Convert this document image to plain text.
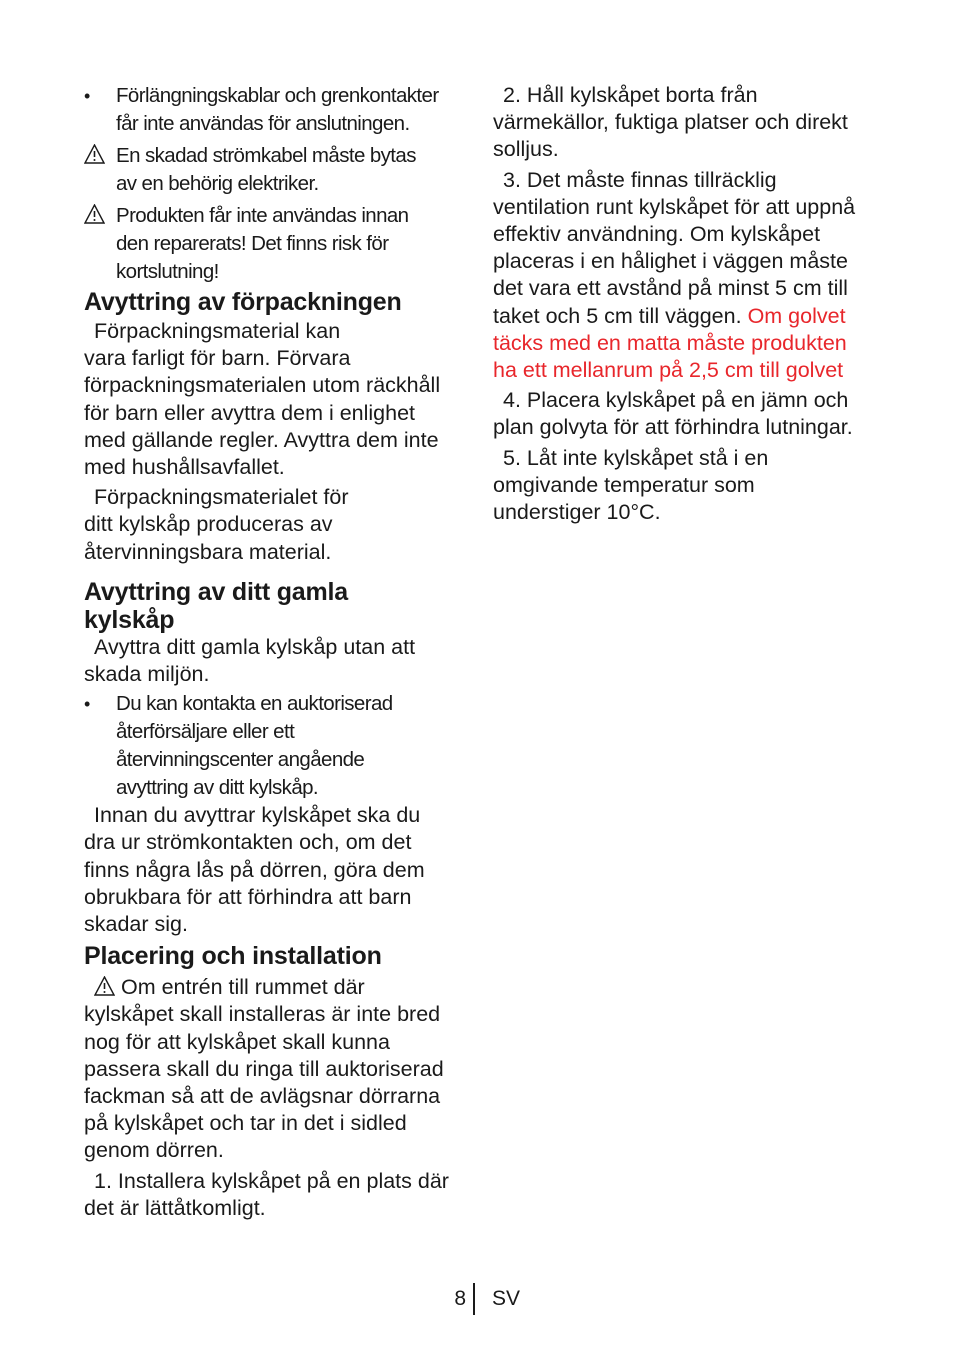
•	Förlängningskablar och grenkontakter
får inte användas för anslutningen.
En skadad strömkabel måste bytas
av en behörig elektriker.
Produkten får inte användas innan
den reparerats! Det finns risk för
kortslutning!
Avyttring av förpackningen
Förpackningsmaterial kan
vara farligt för barn. Förvara
förpackningsmaterialen utom räckhåll
för barn eller avyttra dem i enlighet
med gällande regler. Avyttra dem inte
med hushållsavfallet.
Förpackningsmaterialet för
ditt kylskåp produceras av
återvinningsbara material.
Avyttring av ditt gamla
kylskåp
Avyttra ditt gamla kylskåp utan att
skada miljön.
•	Du kan kontakta en auktoriserad
återförsäljare eller ett
återvinningscenter angående
avyttring av ditt kylskåp.
Innan du avyttrar kylskåpet ska du
dra ur strömkontakten och, om det
finns några lås på dörren, göra dem
obrukbara för att förhindra att barn
skadar sig.
Placering och installation
Om entrén till rummet där
kylskåpet skall installeras är inte bred
nog för att kylskåpet skall kunna
passera skall du ringa till auktoriserad
fackman så att de avlägsnar dörrarna
på kylskåpet och tar in det i sidled
genom dörren.
1. Installera kylskåpet på en plats där
det är lättåtkomligt.
2. Håll kylskåpet borta från
värmekällor, fuktiga platser och direkt
solljus.
3. Det måste finnas tillräcklig
ventilation runt kylskåpet för att uppnå
effektiv användning. Om kylskåpet
placeras i en hålighet i väggen måste
det vara ett avstånd på minst 5 cm till
taket och 5 cm till väggen. Om golvet
täcks med en matta måste produkten
ha ett mellanrum på 2,5 cm till golvet
4. Placera kylskåpet på en jämn och
plan golvyta för att förhindra lutningar.
5. Låt inte kylskåpet stå i en
omgivande temperatur som
understiger 10°C.
8 SV
